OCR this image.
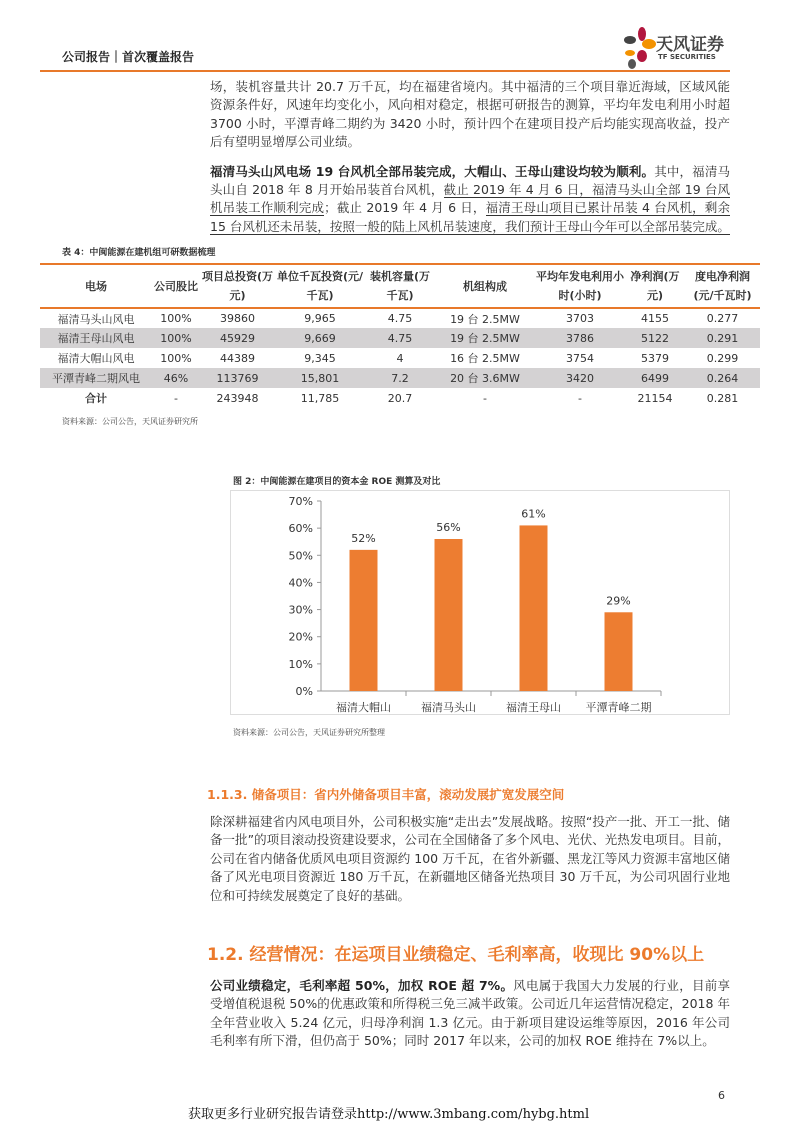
公司报告｜首次覆盖报告
天风证券
TF SECURITIES
场，装机容量共计 20.7 万千瓦，均在福建省境内。其中福清的三个项目靠近海域，区域风能资源条件好，风速年均变化小，风向相对稳定，根据可研报告的测算，平均年发电利用小时超 3700 小时，平潭青峰二期约为 3420 小时，预计四个在建项目投产后均能实现高收益，投产后有望明显增厚公司业绩。
福清马头山风电场 19 台风机全部吊装完成，大帽山、王母山建设均较为顺利。其中，福清马头山自 2018 年 8 月开始吊装首台风机，截止 2019 年 4 月 6 日，福清马头山全部 19 台风机吊装工作顺利完成；截止 2019 年 4 月 6 日，福清王母山项目已累计吊装 4 台风机，剩余 15 台风机还未吊装，按照一般的陆上风机吊装速度，我们预计王母山今年可以全部吊装完成。
表 4：中闽能源在建机组可研数据梳理
电场	公司股比	项目总投资(万元)	单位千瓦投资(元/千瓦)	装机容量(万千瓦)	机组构成	平均年发电利用小时(小时)	净利润(万元)	度电净利润(元/千瓦时)
福清马头山风电	100%	39860	9,965	4.75	19 台 2.5MW	3703	4155	0.277
福清王母山风电	100%	45929	9,669	4.75	19 台 2.5MW	3786	5122	0.291
福清大帽山风电	100%	44389	9,345	4	16 台 2.5MW	3754	5379	0.299
平潭青峰二期风电	46%	113769	15,801	7.2	20 台 3.6MW	3420	6499	0.264
合计	-	243948	11,785	20.7	-	-	21154	0.281
资料来源：公司公告，天风证券研究所
图 2：中闽能源在建项目的资本金 ROE 测算及对比
0%
10%
20%
30%
40%
50%
60%
70%
52%
福清大帽山
56%
福清马头山
61%
福清王母山
29%
平潭青峰二期
资料来源：公司公告，天风证券研究所整理
1.1.3. 储备项目：省内外储备项目丰富，滚动发展扩宽发展空间
除深耕福建省内风电项目外，公司积极实施“走出去”发展战略。按照“投产一批、开工一批、储备一批”的项目滚动投资建设要求，公司在全国储备了多个风电、光伏、光热发电项目。目前，公司在省内储备优质风电项目资源约 100 万千瓦，在省外新疆、黑龙江等风力资源丰富地区储备了风光电项目资源近 180 万千瓦，在新疆地区储备光热项目 30 万千瓦，为公司巩固行业地位和可持续发展奠定了良好的基础。
1.2. 经营情况：在运项目业绩稳定、毛利率高，收现比 90%以上
公司业绩稳定，毛利率超 50%，加权 ROE 超 7%。风电属于我国大力发展的行业，目前享受增值税退税 50%的优惠政策和所得税三免三减半政策。公司近几年运营情况稳定，2018 年全年营业收入 5.24 亿元，归母净利润 1.3 亿元。由于新项目建设运维等原因，2016 年公司毛利率有所下滑，但仍高于 50%；同时 2017 年以来，公司的加权 ROE 维持在 7%以上。
6
获取更多行业研究报告请登录http://www.3mbang.com/hybg.html
